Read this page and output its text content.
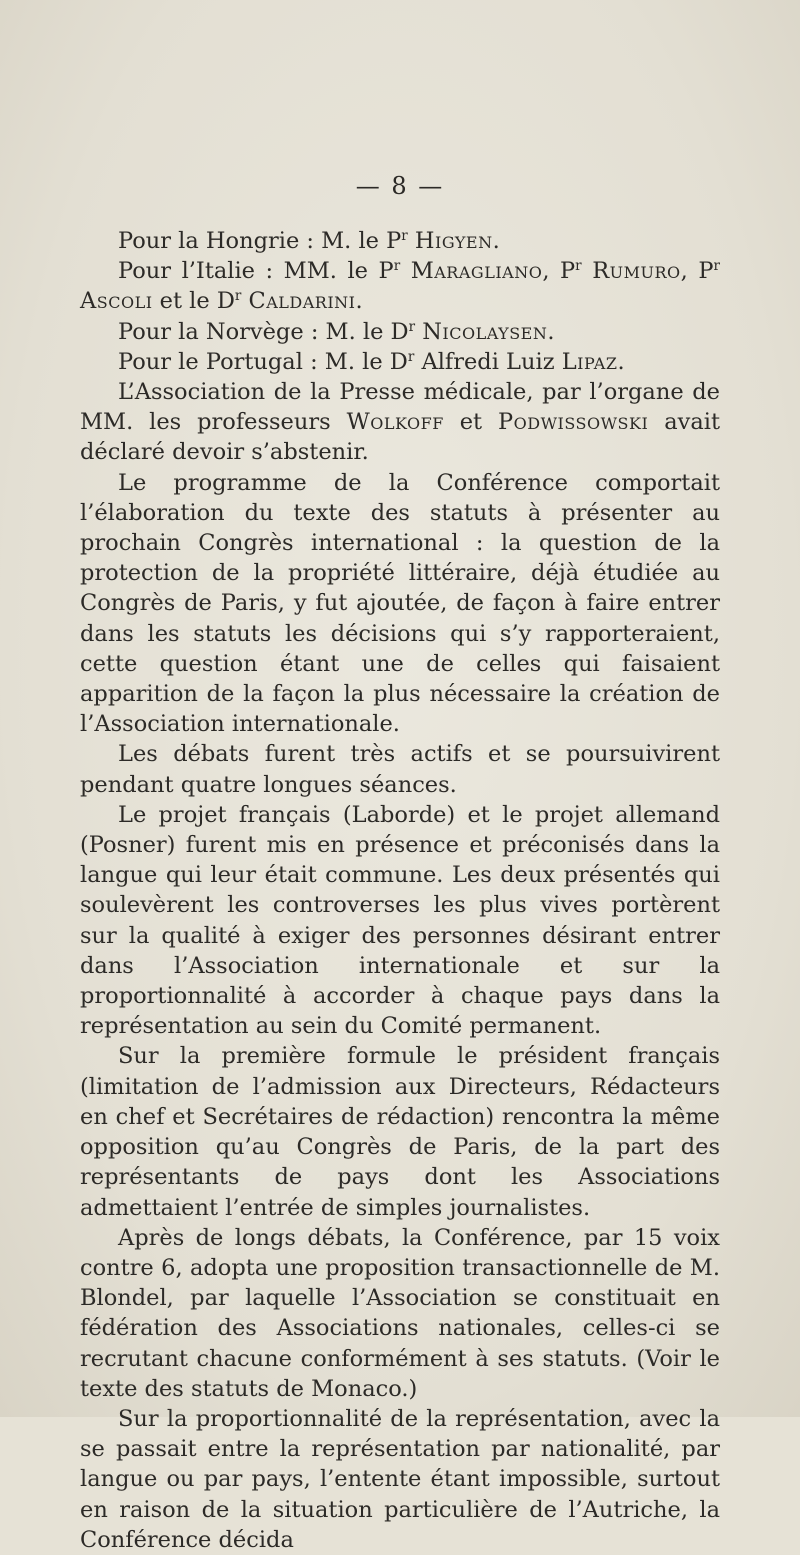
— 8 —

Pour la Hongrie : M. le $P^r$ Higyen.

Pour l’Italie : MM. le $P^r$ Maragliano, $P^r$ Rumuro, $P^r$ Ascoli et le $D^r$ Caldarini.

Pour la Norvège : M. le $D^r$ Nicolaysen.

Pour le Portugal : M. le $D^r$ Alfredi Luiz Lipaz.

L’Association de la Presse médicale, par l’organe de MM. les professeurs Wolkoff et Podwissowski avait déclaré devoir s’abstenir.

Le programme de la Conférence comportait l’élaboration du texte des statuts à présenter au prochain Congrès international : la question de la protection de la propriété littéraire, déjà étudiée au Congrès de Paris, y fut ajoutée, de façon à faire entrer dans les statuts les décisions qui s’y rapporteraient, cette question étant une de celles qui faisaient apparition de la façon la plus nécessaire la création de l’Association internationale.

Les débats furent très actifs et se poursuivirent pendant quatre longues séances.

Le projet français (Laborde) et le projet allemand (Posner) furent mis en présence et préconisés dans la langue qui leur était commune. Les deux présentés qui soulevèrent les controverses les plus vives portèrent sur la qualité à exiger des personnes désirant entrer dans l’Association internationale et sur la proportionnalité à accorder à chaque pays dans la représentation au sein du Comité permanent.

Sur la première formule le président français (limitation de l’admission aux Directeurs, Rédacteurs en chef et Secrétaires de rédaction) rencontra la même opposition qu’au Congrès de Paris, de la part des représentants de pays dont les Associations admettaient l’entrée de simples journalistes.

Après de longs débats, la Conférence, par 15 voix contre 6, adopta une proposition transactionnelle de M. Blondel, par laquelle l’Association se constituait en fédération des Associations nationales, celles-ci se recrutant chacune conformément à ses statuts. (Voir le texte des statuts de Monaco.)

Sur la proportionnalité de la représentation, avec la se passait entre la représentation par nationalité, par langue ou par pays, l’entente étant impossible, surtout en raison de la situation particulière de l’Autriche, la Conférence décida
